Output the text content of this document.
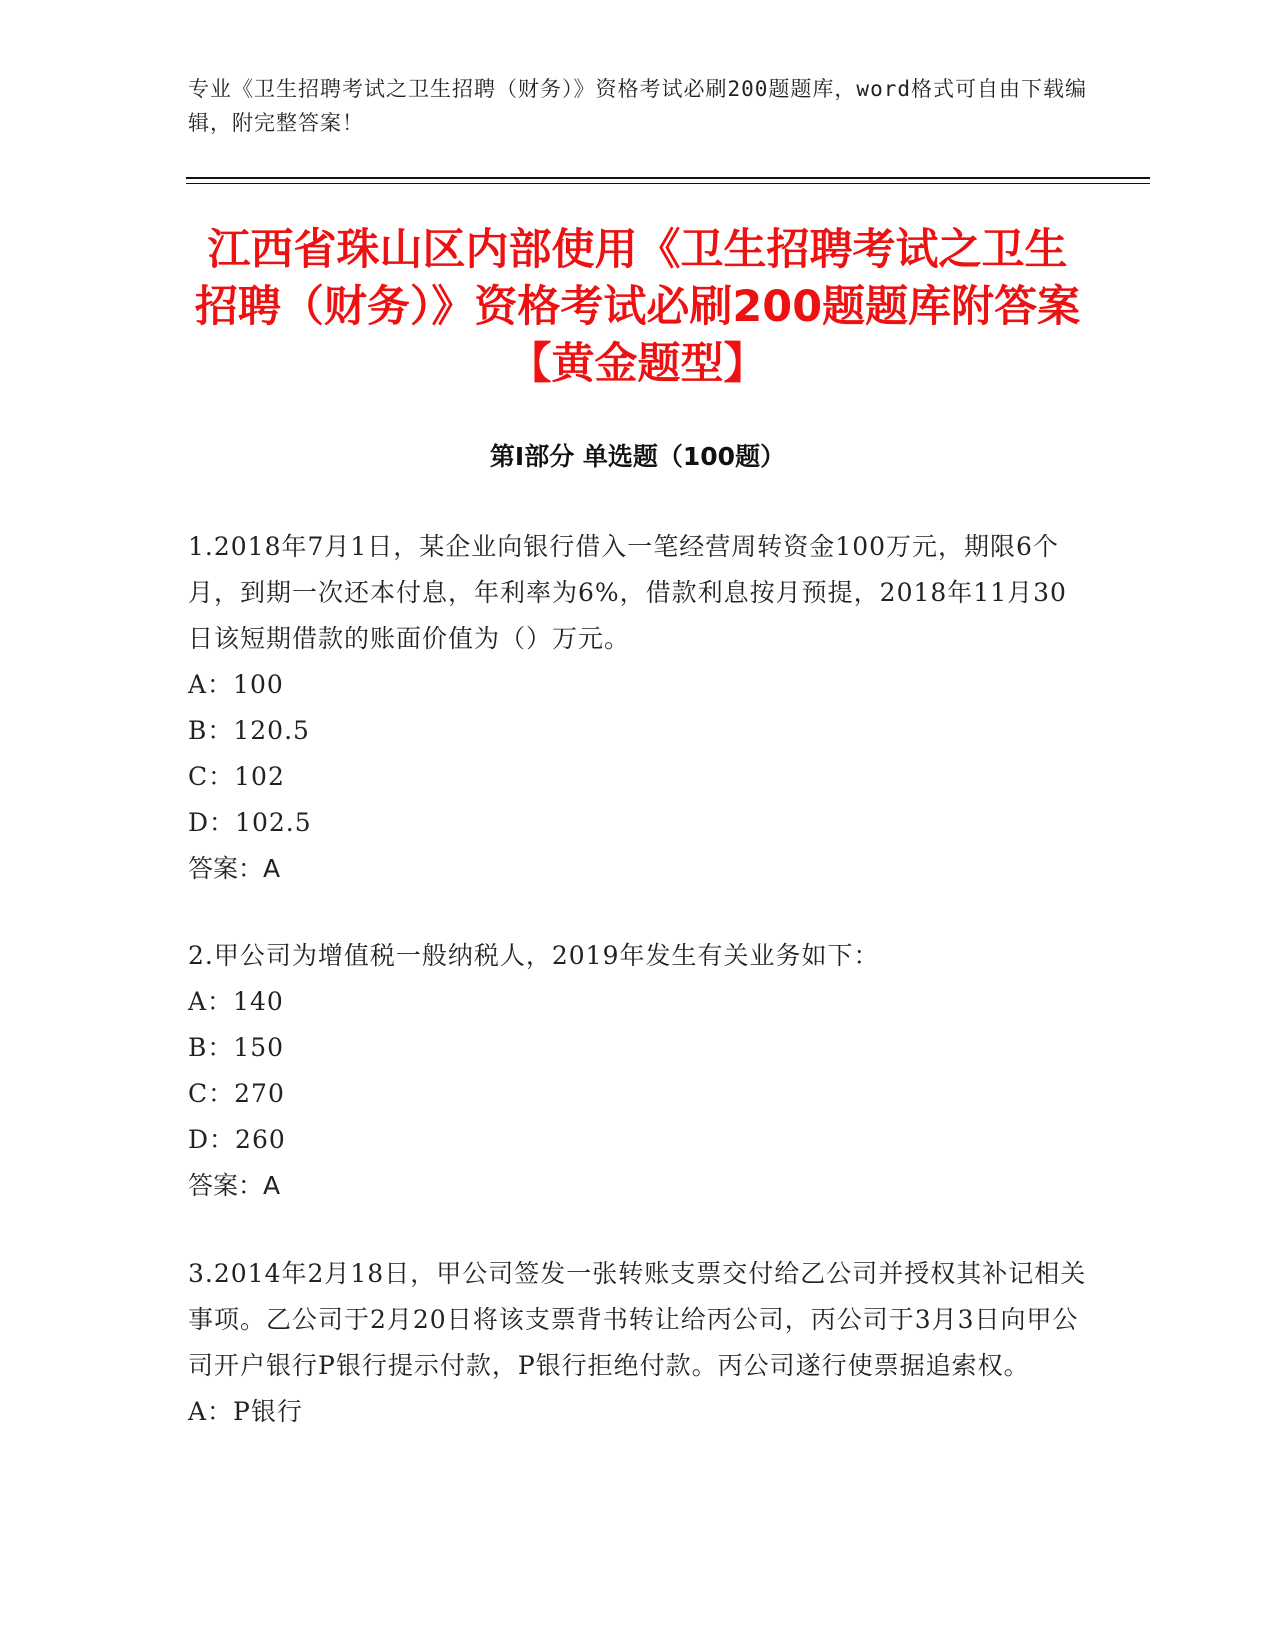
专业《卫生招聘考试之卫生招聘（财务）》资格考试必刷200题题库，word格式可自由下载编辑，附完整答案！
江西省珠山区内部使用《卫生招聘考试之卫生招聘（财务）》资格考试必刷200题题库附答案【黄金题型】
第Ⅰ部分 单选题（100题）
1.2018年7月1日，某企业向银行借入一笔经营周转资金100万元，期限6个月，到期一次还本付息，年利率为6%，借款利息按月预提，2018年11月30日该短期借款的账面价值为（）万元。
A：100
B：120.5
C：102
D：102.5
答案：A
2.甲公司为增值税一般纳税人，2019年发生有关业务如下：
A：140
B：150
C：270
D：260
答案：A
3.2014年2月18日，甲公司签发一张转账支票交付给乙公司并授权其补记相关事项。乙公司于2月20日将该支票背书转让给丙公司，丙公司于3月3日向甲公司开户银行P银行提示付款，P银行拒绝付款。丙公司遂行使票据追索权。
A：P银行
